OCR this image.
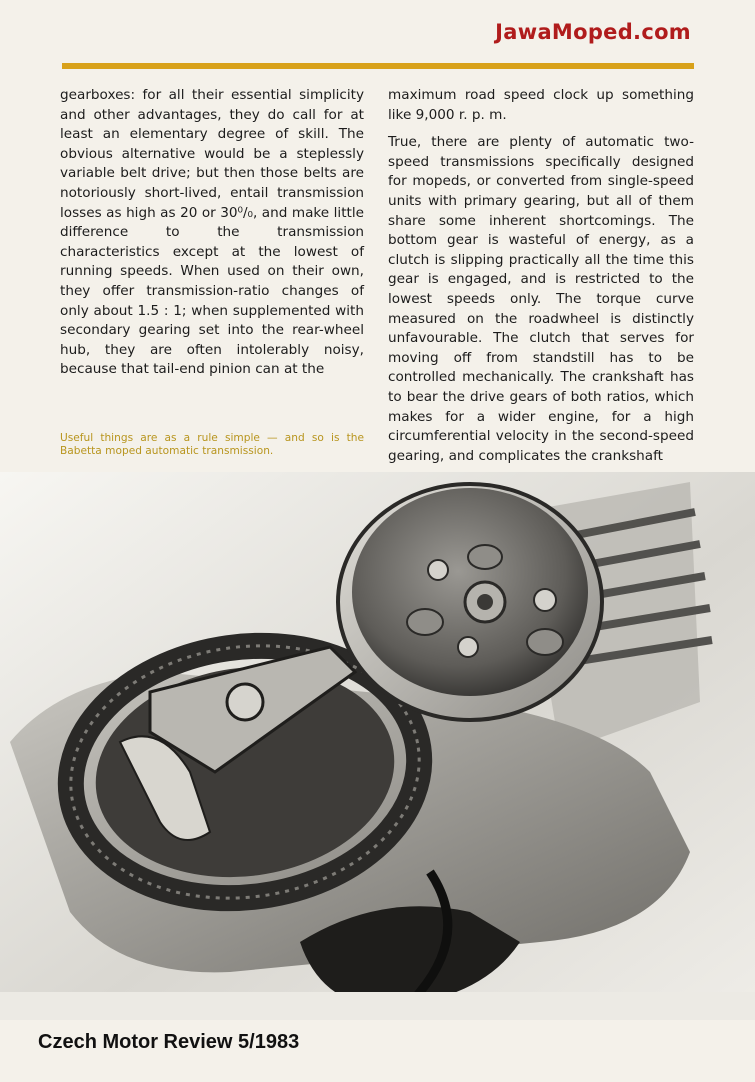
JawaMoped.com

gearboxes: for all their essential simplicity and other advantages, they do call for at least an elementary degree of skill. The obvious alternative would be a steplessly variable belt drive; but then those belts are notoriously short-lived, entail transmission losses as high as 20 or 30⁰/₀, and make little difference to the transmission characteristics except at the lowest of running speeds. When used on their own, they offer transmission-ratio changes of only about 1.5 : 1; when supplemented with secondary gearing set into the rear-wheel hub, they are often intolerably noisy, because that tail-end pinion can at the

Useful things are as a rule simple — and so is the Babetta moped automatic transmission.

maximum road speed clock up something like 9,000 r. p. m.

True, there are plenty of automatic two-speed transmissions specifically designed for mopeds, or converted from single-speed units with primary gearing, but all of them share some inherent shortcomings. The bottom gear is wasteful of energy, as a clutch is slipping practically all the time this gear is engaged, and is restricted to the lowest speeds only. The torque curve measured on the roadwheel is distinctly unfavourable. The clutch that serves for moving off from standstill has to be controlled mechanically. The crankshaft has to bear the drive gears of both ratios, which makes for a wider engine, for a high circumferential velocity in the second-speed gearing, and complicates the crankshaft

Czech Motor Review 5/1983
